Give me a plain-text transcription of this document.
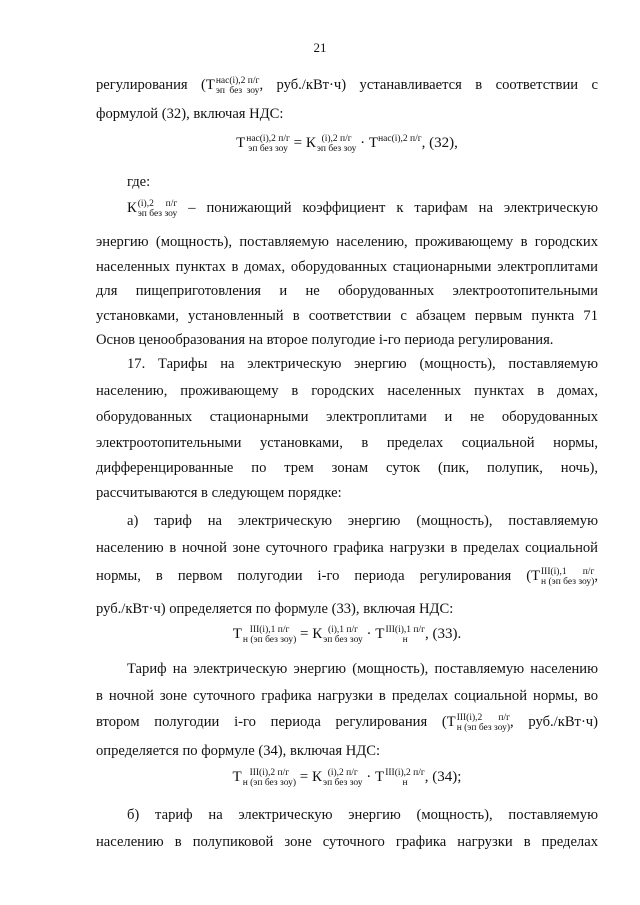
21
регулирования (Т нас(i),2 п/г
эп без зоу , руб./кВт·ч) устанавливается в соответствии с
формулой (32), включая НДС:
Т нас(i),2 п/г
эп без зоу = К (i),2 п/г
эп без зоу · $Т^{нас(i),2 п/г}$, (32),
где:
К (i),2 п/г
эп без зоу – понижающий коэффициент к тарифам на электрическую
энергию (мощность), поставляемую населению, проживающему в городских
населенных пунктах в домах, оборудованных стационарными электроплитами
для пищеприготовления и не оборудованных электроотопительными
установками, установленный в соответствии с абзацем первым пункта 71
Основ ценообразования на второе полугодие i-го периода регулирования.
17. Тарифы на электрическую энергию (мощность), поставляемую
населению, проживающему в городских населенных пунктах в домах,
оборудованных стационарными электроплитами и не оборудованных
электроотопительными установками, в пределах социальной нормы,
дифференцированные по трем зонам суток (пик, полупик, ночь),
рассчитываются в следующем порядке:
а) тариф на электрическую энергию (мощность), поставляемую
населению в ночной зоне суточного графика нагрузки в пределах социальной
нормы, в первом полугодии i-го периода регулирования (Т III(i),1 п/г
н (эп без зоу) ,
руб./кВт·ч) определяется по формуле (33), включая НДС:
Т III(i),1 п/г
н (эп без зоу) = К (i),1 п/г
эп без зоу · Т III(i),1 п/г
н	, (33).
Тариф на электрическую энергию (мощность), поставляемую населению
в ночной зоне суточного графика нагрузки в пределах социальной нормы, во
втором полугодии i-го периода регулирования (Т III(i),2 п/г
н (эп без зоу) , руб./кВт·ч)
определяется по формуле (34), включая НДС:
Т III(i),2 п/г
н (эп без зоу) = К (i),2 п/г
эп без зоу · Т III(i),2 п/г
н	, (34);
б) тариф на электрическую энергию (мощность), поставляемую
населению в полупиковой зоне суточного графика нагрузки в пределах
